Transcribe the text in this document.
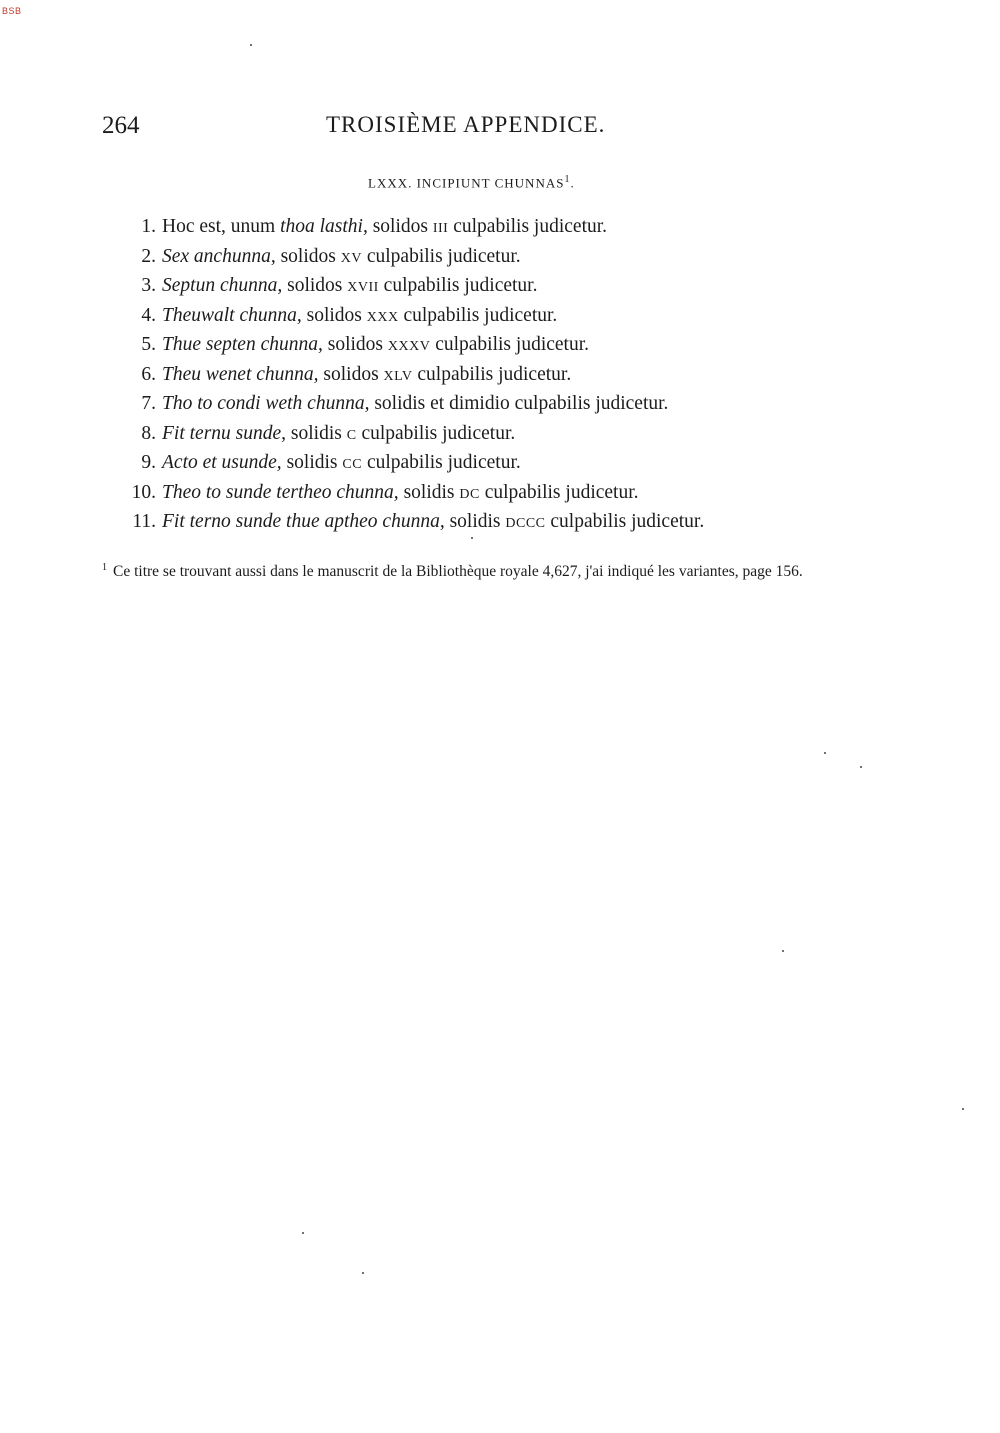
BSB
264	TROISIÈME APPENDICE.
LXXX. INCIPIUNT CHUNNAS$^1$.
1. Hoc est, unum thoa lasthi, solidos III culpabilis judicetur.
2. Sex anchunna, solidos XV culpabilis judicetur.
3. Septun chunna, solidos XVII culpabilis judicetur.
4. Theuwalt chunna, solidos XXX culpabilis judicetur.
5. Thue septen chunna, solidos XXXV culpabilis judicetur.
6. Theu wenet chunna, solidos XLV culpabilis judicetur.
7. Tho to condi weth chunna, solidis et dimidio culpabilis judicetur.
8. Fit ternu sunde, solidis C culpabilis judicetur.
9. Acto et usunde, solidis CC culpabilis judicetur.
10. Theo to sunde tertheo chunna, solidis DC culpabilis judicetur.
11. Fit terno sunde thue aptheo chunna, solidis DCCC culpabilis judicetur.

$^1$ Ce titre se trouvant aussi dans le manuscrit de la Bibliothèque royale 4,627, j'ai indiqué les variantes, page 156.
